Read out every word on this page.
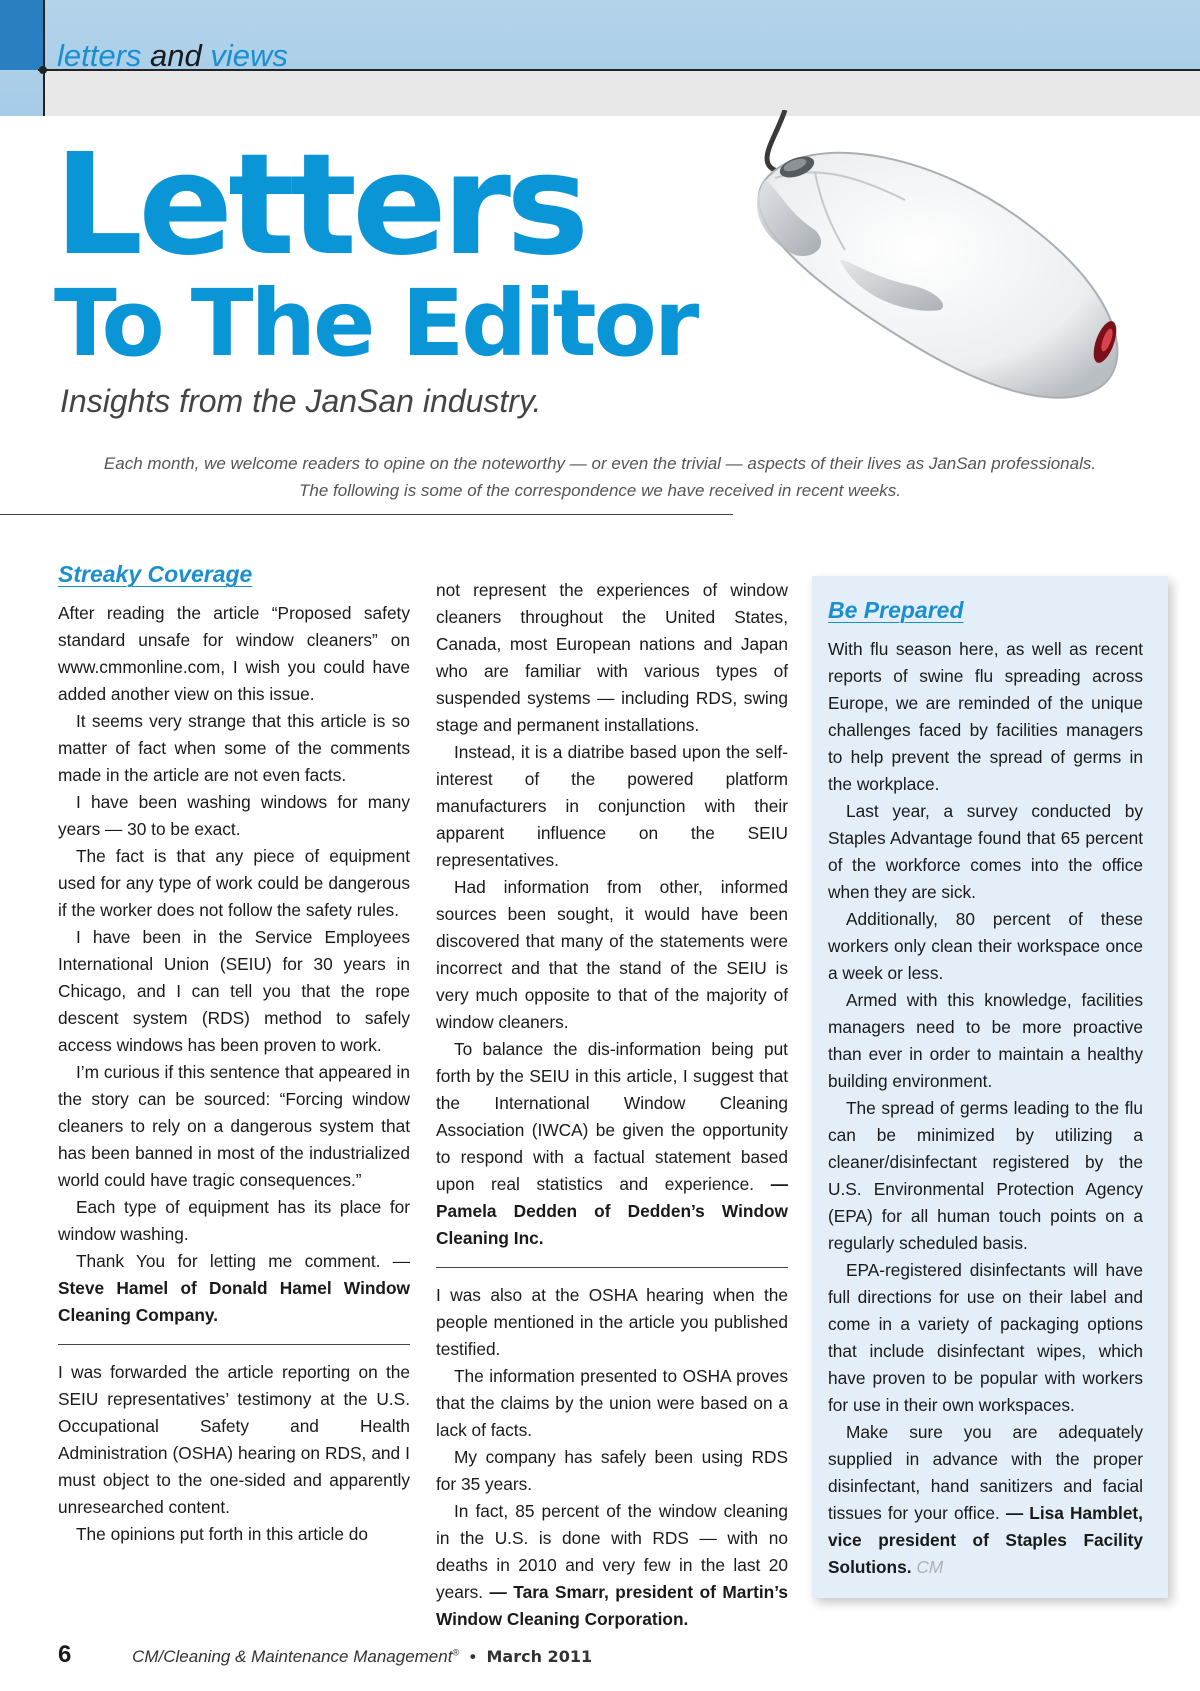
letters and views
Letters
To The Editor

Insights from the JanSan industry.

Each month, we welcome readers to opine on the noteworthy — or even the trivial — aspects of their lives as JanSan professionals.
The following is some of the correspondence we have received in recent weeks.

Streaky Coverage

After reading the article “Proposed safety standard unsafe for window cleaners” on www.cmmonline.com, I wish you could have added another view on this issue.

It seems very strange that this article is so matter of fact when some of the comments made in the article are not even facts.

I have been washing windows for many years — 30 to be exact.

The fact is that any piece of equipment used for any type of work could be dangerous if the worker does not follow the safety rules.

I have been in the Service Employees International Union (SEIU) for 30 years in Chicago, and I can tell you that the rope descent system (RDS) method to safely access windows has been proven to work.

I’m curious if this sentence that appeared in the story can be sourced: “Forcing window cleaners to rely on a dangerous system that has been banned in most of the industrialized world could have tragic consequences.”

Each type of equipment has its place for window washing.

Thank You for letting me comment. — Steve Hamel of Donald Hamel Window Cleaning Company.

I was forwarded the article reporting on the SEIU representatives’ testimony at the U.S. Occupational Safety and Health Administration (OSHA) hearing on RDS, and I must object to the one-sided and apparently unresearched content.

The opinions put forth in this article do

not represent the experiences of window cleaners throughout the United States, Canada, most European nations and Japan who are familiar with various types of suspended systems — including RDS, swing stage and permanent installations.

Instead, it is a diatribe based upon the self-interest of the powered platform manufacturers in conjunction with their apparent influence on the SEIU representatives.

Had information from other, informed sources been sought, it would have been discovered that many of the statements were incorrect and that the stand of the SEIU is very much opposite to that of the majority of window cleaners.

To balance the dis-information being put forth by the SEIU in this article, I suggest that the International Window Cleaning Association (IWCA) be given the opportunity to respond with a factual statement based upon real statistics and experience. — Pamela Dedden of Dedden’s Window Cleaning Inc.

I was also at the OSHA hearing when the people mentioned in the article you published testified.

The information presented to OSHA proves that the claims by the union were based on a lack of facts.

My company has safely been using RDS for 35 years.

In fact, 85 percent of the window cleaning in the U.S. is done with RDS — with no deaths in 2010 and very few in the last 20 years. — Tara Smarr, president of Martin’s Window Cleaning Corporation.

Be Prepared

With flu season here, as well as recent reports of swine flu spreading across Europe, we are reminded of the unique challenges faced by facilities managers to help prevent the spread of germs in the workplace.

Last year, a survey conducted by Staples Advantage found that 65 percent of the workforce comes into the office when they are sick.

Additionally, 80 percent of these workers only clean their workspace once a week or less.

Armed with this knowledge, facilities managers need to be more proactive than ever in order to maintain a healthy building environment.

The spread of germs leading to the flu can be minimized by utilizing a cleaner/disinfectant registered by the U.S. Environmental Protection Agency (EPA) for all human touch points on a regularly scheduled basis.

EPA-registered disinfectants will have full directions for use on their label and come in a variety of packaging options that include disinfectant wipes, which have proven to be popular with workers for use in their own workspaces.

Make sure you are adequately supplied in advance with the proper disinfectant, hand sanitizers and facial tissues for your office. — Lisa Hamblet, vice president of Staples Facility Solutions. CM

6	CM/Cleaning & Maintenance Management® • March 2011
